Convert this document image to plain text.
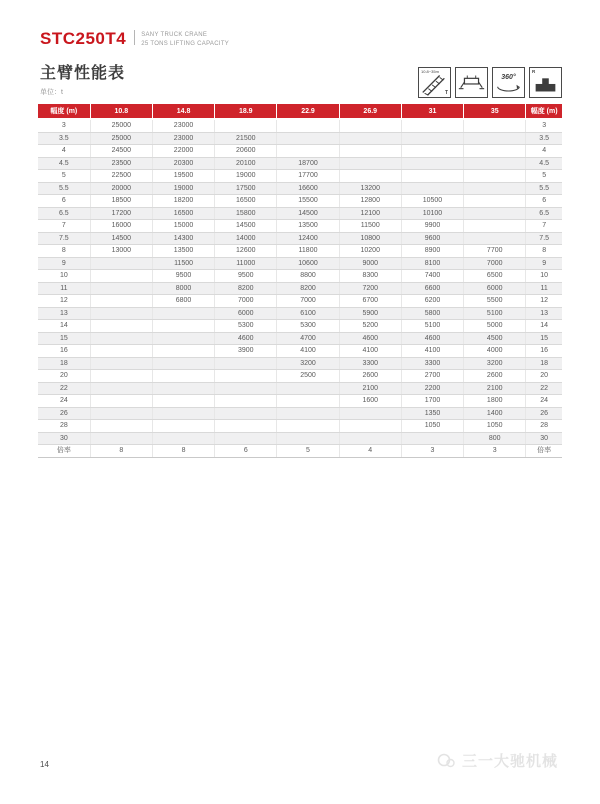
STC250T4	SANY TRUCK CRANE
25 TONS LIFTING CAPACITY
主臂性能表
单位：t
10.8~35m
T
360°
R
幅度 (m)	10.8	14.8	18.9	22.9	26.9	31	35	幅度 (m)
3	25000	23000						3
3.5	25000	23000	21500					3.5
4	24500	22000	20600					4
4.5	23500	20300	20100	18700				4.5
5	22500	19500	19000	17700				5
5.5	20000	19000	17500	16600	13200			5.5
6	18500	18200	16500	15500	12800	10500		6
6.5	17200	16500	15800	14500	12100	10100		6.5
7	16000	15000	14500	13500	11500	9900		7
7.5	14500	14300	14000	12400	10800	9600		7.5
8	13000	13500	12600	11800	10200	8900	7700	8
9		11500	11000	10600	9000	8100	7000	9
10		9500	9500	8800	8300	7400	6500	10
11		8000	8200	8200	7200	6600	6000	11
12		6800	7000	7000	6700	6200	5500	12
13			6000	6100	5900	5800	5100	13
14			5300	5300	5200	5100	5000	14
15			4600	4700	4600	4600	4500	15
16			3900	4100	4100	4100	4000	16
18				3200	3300	3300	3200	18
20				2500	2600	2700	2600	20
22					2100	2200	2100	22
24					1600	1700	1800	24
26						1350	1400	26
28						1050	1050	28
30							800	30
倍率	8	8	6	5	4	3	3	倍率
14	三一大驰机械
